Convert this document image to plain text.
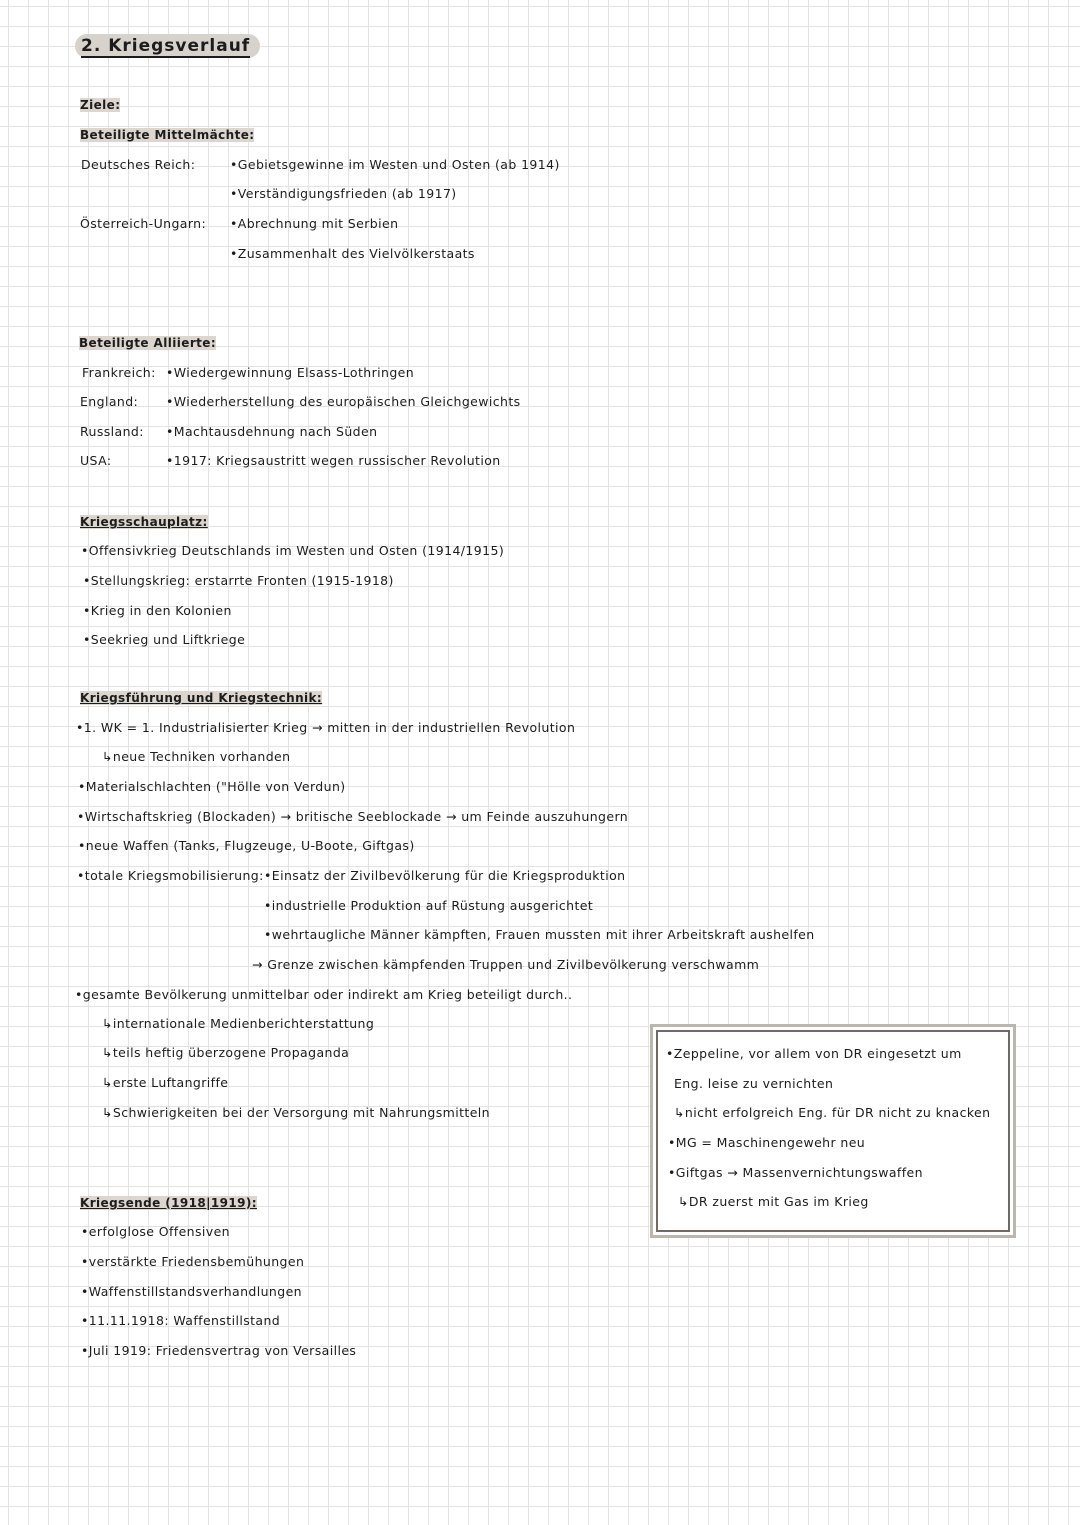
2. Kriegsverlauf
Ziele:
Beteiligte Mittelmächte:
Deutsches Reich:	•Gebietsgewinne im Westen und Osten (ab 1914)
•Verständigungsfrieden (ab 1917)
Österreich-Ungarn: •Abrechnung mit Serbien
•Zusammenhalt des Vielvölkerstaats
Beteiligte Alliierte:
Frankreich: •Wiedergewinnung Elsass-Lothringen
England: •Wiederherstellung des europäischen Gleichgewichts
Russland: •Machtausdehnung nach Süden
USA:	•1917: Kriegsaustritt wegen russischer Revolution
Kriegsschauplatz:
•Offensivkrieg Deutschlands im Westen und Osten (1914/1915)
•Stellungskrieg: erstarrte Fronten (1915-1918)
•Krieg in den Kolonien
•Seekrieg und Liftkriege
Kriegsführung und Kriegstechnik:
•1. WK = 1. Industrialisierter Krieg → mitten in der industriellen Revolution
↳neue Techniken vorhanden
•Materialschlachten ("Hölle von Verdun)
•Wirtschaftskrieg (Blockaden) → britische Seeblockade → um Feinde auszuhungern
•neue Waffen (Tanks, Flugzeuge, U-Boote, Giftgas)
•totale Kriegsmobilisierung: •Einsatz der Zivilbevölkerung für die Kriegsproduktion
•industrielle Produktion auf Rüstung ausgerichtet
•wehrtaugliche Männer kämpften, Frauen mussten mit ihrer Arbeitskraft aushelfen
→ Grenze zwischen kämpfenden Truppen und Zivilbevölkerung verschwamm
•gesamte Bevölkerung unmittelbar oder indirekt am Krieg beteiligt durch..
↳internationale Medienberichterstattung
↳teils heftig überzogene Propaganda
↳erste Luftangriffe
↳Schwierigkeiten bei der Versorgung mit Nahrungsmitteln
•Zeppeline, vor allem von DR eingesetzt um
Eng. leise zu vernichten
↳nicht erfolgreich Eng. für DR nicht zu knacken
•MG = Maschinengewehr neu
•Giftgas → Massenvernichtungswaffen
↳DR zuerst mit Gas im Krieg
Kriegsende (1918|1919):
•erfolglose Offensiven
•verstärkte Friedensbemühungen
•Waffenstillstandsverhandlungen
•11.11.1918: Waffenstillstand
•Juli 1919: Friedensvertrag von Versailles
